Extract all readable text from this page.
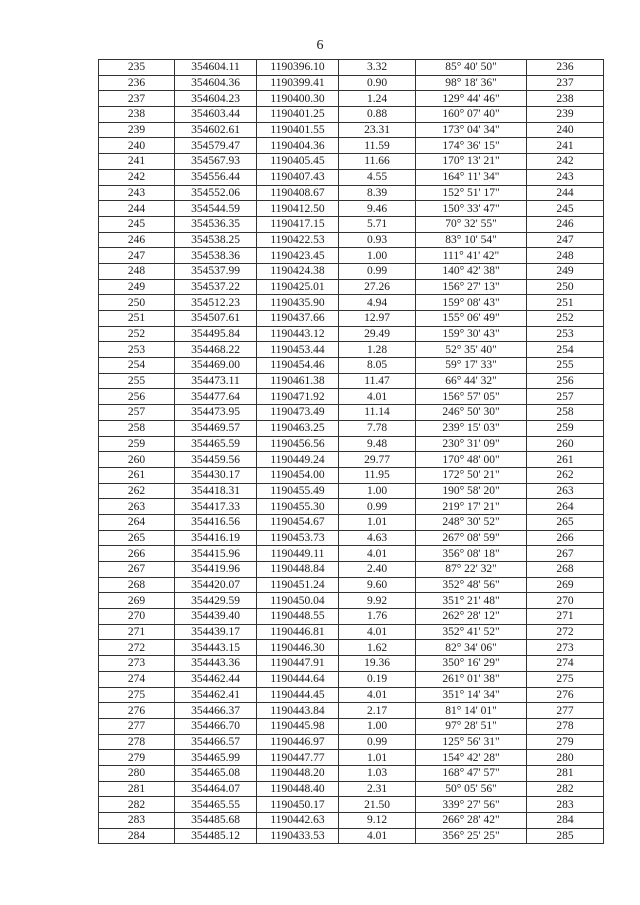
6
235	354604.11	1190396.10	3.32	85° 40' 50"	236
236	354604.36	1190399.41	0.90	98° 18' 36"	237
237	354604.23	1190400.30	1.24	129° 44' 46"	238
238	354603.44	1190401.25	0.88	160° 07' 40"	239
239	354602.61	1190401.55	23.31	173° 04' 34"	240
240	354579.47	1190404.36	11.59	174° 36' 15"	241
241	354567.93	1190405.45	11.66	170° 13' 21"	242
242	354556.44	1190407.43	4.55	164° 11' 34"	243
243	354552.06	1190408.67	8.39	152° 51' 17"	244
244	354544.59	1190412.50	9.46	150° 33' 47"	245
245	354536.35	1190417.15	5.71	70° 32' 55"	246
246	354538.25	1190422.53	0.93	83° 10' 54"	247
247	354538.36	1190423.45	1.00	111° 41' 42"	248
248	354537.99	1190424.38	0.99	140° 42' 38"	249
249	354537.22	1190425.01	27.26	156° 27' 13"	250
250	354512.23	1190435.90	4.94	159° 08' 43"	251
251	354507.61	1190437.66	12.97	155° 06' 49"	252
252	354495.84	1190443.12	29.49	159° 30' 43"	253
253	354468.22	1190453.44	1.28	52° 35' 40"	254
254	354469.00	1190454.46	8.05	59° 17' 33"	255
255	354473.11	1190461.38	11.47	66° 44' 32"	256
256	354477.64	1190471.92	4.01	156° 57' 05"	257
257	354473.95	1190473.49	11.14	246° 50' 30"	258
258	354469.57	1190463.25	7.78	239° 15' 03"	259
259	354465.59	1190456.56	9.48	230° 31' 09"	260
260	354459.56	1190449.24	29.77	170° 48' 00"	261
261	354430.17	1190454.00	11.95	172° 50' 21"	262
262	354418.31	1190455.49	1.00	190° 58' 20"	263
263	354417.33	1190455.30	0.99	219° 17' 21"	264
264	354416.56	1190454.67	1.01	248° 30' 52"	265
265	354416.19	1190453.73	4.63	267° 08' 59"	266
266	354415.96	1190449.11	4.01	356° 08' 18"	267
267	354419.96	1190448.84	2.40	87° 22' 32"	268
268	354420.07	1190451.24	9.60	352° 48' 56"	269
269	354429.59	1190450.04	9.92	351° 21' 48"	270
270	354439.40	1190448.55	1.76	262° 28' 12"	271
271	354439.17	1190446.81	4.01	352° 41' 52"	272
272	354443.15	1190446.30	1.62	82° 34' 06"	273
273	354443.36	1190447.91	19.36	350° 16' 29"	274
274	354462.44	1190444.64	0.19	261° 01' 38"	275
275	354462.41	1190444.45	4.01	351° 14' 34"	276
276	354466.37	1190443.84	2.17	81° 14' 01"	277
277	354466.70	1190445.98	1.00	97° 28' 51"	278
278	354466.57	1190446.97	0.99	125° 56' 31"	279
279	354465.99	1190447.77	1.01	154° 42' 28"	280
280	354465.08	1190448.20	1.03	168° 47' 57"	281
281	354464.07	1190448.40	2.31	50° 05' 56"	282
282	354465.55	1190450.17	21.50	339° 27' 56"	283
283	354485.68	1190442.63	9.12	266° 28' 42"	284
284	354485.12	1190433.53	4.01	356° 25' 25"	285
